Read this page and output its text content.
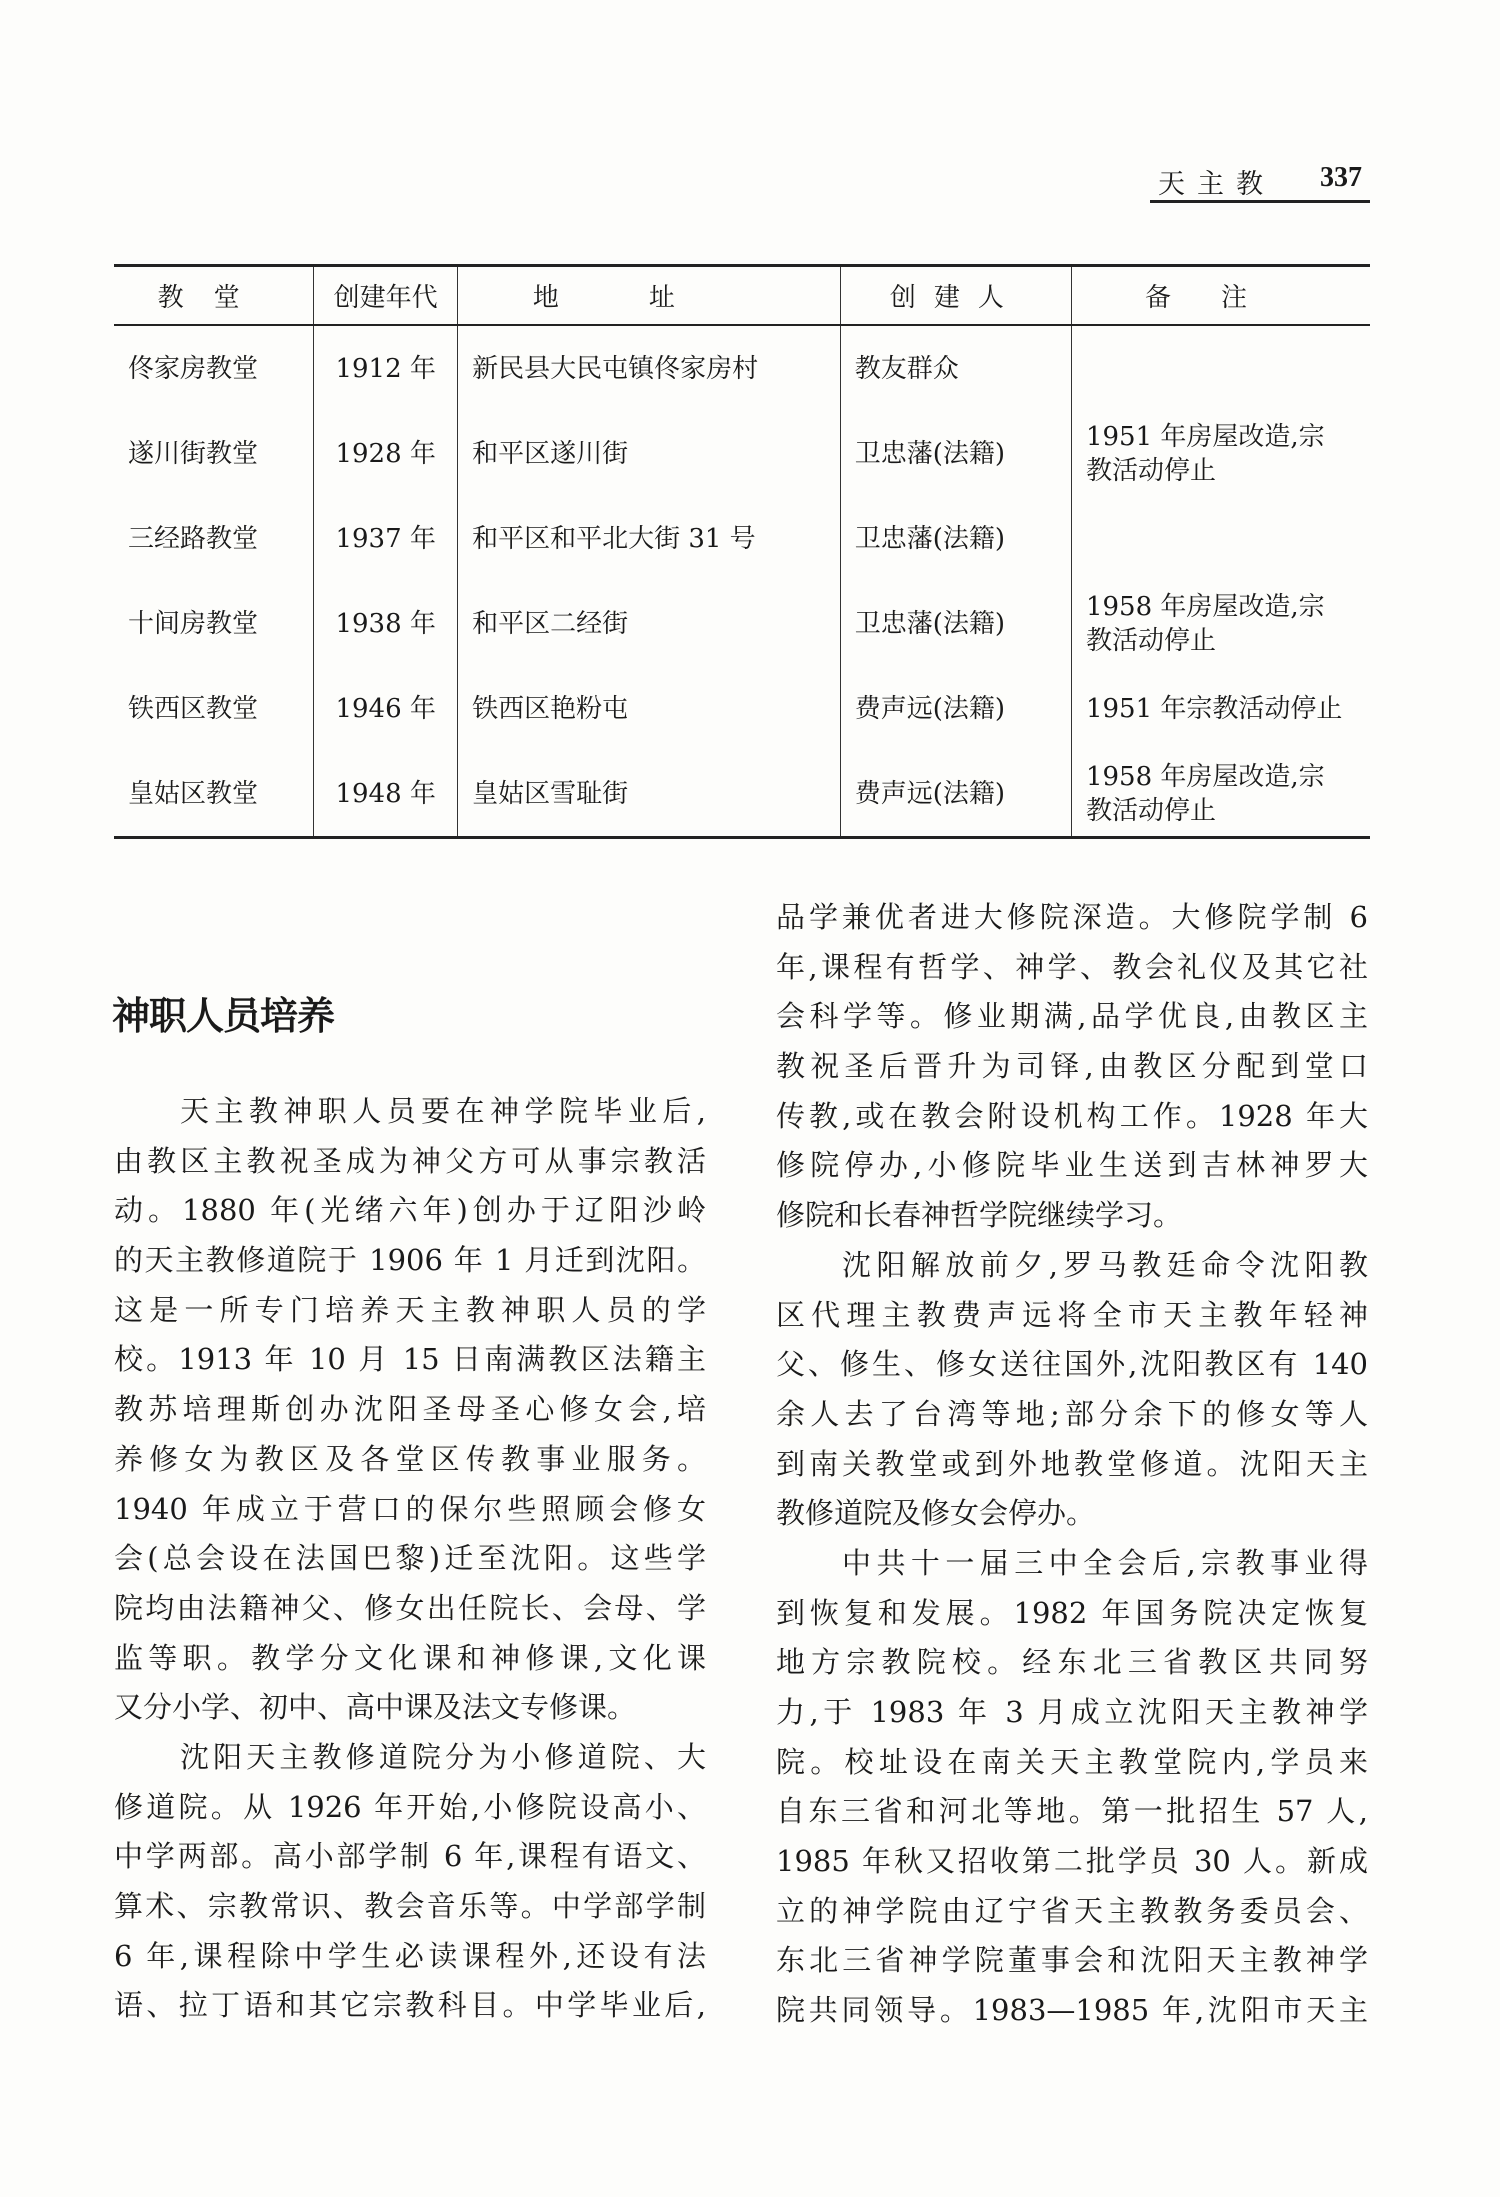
天主教 337
教堂	创建年代	地址	创建人	备注
佟家房教堂	1912 年	新民县大民屯镇佟家房村	教友群众	
遂川街教堂	1928 年	和平区遂川街	卫忠藩(法籍)	1951 年房屋改造,宗
教活动停止

三经路教堂	1937 年	和平区和平北大街 31 号	卫忠藩(法籍)	
十间房教堂	1938 年	和平区二经街	卫忠藩(法籍)	1958 年房屋改造,宗
教活动停止

铁西区教堂	1946 年	铁西区艳粉屯	费声远(法籍)	1951 年宗教活动停止

皇姑区教堂	1948 年	皇姑区雪耻街	费声远(法籍)	1958 年房屋改造,宗
教活动停止
神职人员培养
天主教神职人员要在神学院毕业后,
由教区主教祝圣成为神父方可从事宗教活
动。1880 年(光绪六年)创办于辽阳沙岭
的天主教修道院于 1906 年 1 月迁到沈阳。
这是一所专门培养天主教神职人员的学
校。1913 年 10 月 15 日南满教区法籍主
教苏培理斯创办沈阳圣母圣心修女会,培
养修女为教区及各堂区传教事业服务。
1940 年成立于营口的保尔些照顾会修女
会(总会设在法国巴黎)迁至沈阳。这些学
院均由法籍神父、修女出任院长、会母、学
监等职。教学分文化课和神修课,文化课
又分小学、初中、高中课及法文专修课。
沈阳天主教修道院分为小修道院、大
修道院。从 1926 年开始,小修院设高小、
中学两部。高小部学制 6 年,课程有语文、
算术、宗教常识、教会音乐等。中学部学制
6 年,课程除中学生必读课程外,还设有法
语、拉丁语和其它宗教科目。中学毕业后,
品学兼优者进大修院深造。大修院学制 6
年,课程有哲学、神学、教会礼仪及其它社
会科学等。修业期满,品学优良,由教区主
教祝圣后晋升为司铎,由教区分配到堂口
传教,或在教会附设机构工作。1928 年大
修院停办,小修院毕业生送到吉林神罗大
修院和长春神哲学院继续学习。
沈阳解放前夕,罗马教廷命令沈阳教
区代理主教费声远将全市天主教年轻神
父、修生、修女送往国外,沈阳教区有 140
余人去了台湾等地;部分余下的修女等人
到南关教堂或到外地教堂修道。沈阳天主
教修道院及修女会停办。
中共十一届三中全会后,宗教事业得
到恢复和发展。1982 年国务院决定恢复
地方宗教院校。经东北三省教区共同努
力,于 1983 年 3 月成立沈阳天主教神学
院。校址设在南关天主教堂院内,学员来
自东三省和河北等地。第一批招生 57 人,
1985 年秋又招收第二批学员 30 人。新成
立的神学院由辽宁省天主教教务委员会、
东北三省神学院董事会和沈阳天主教神学
院共同领导。1983—1985 年,沈阳市天主
